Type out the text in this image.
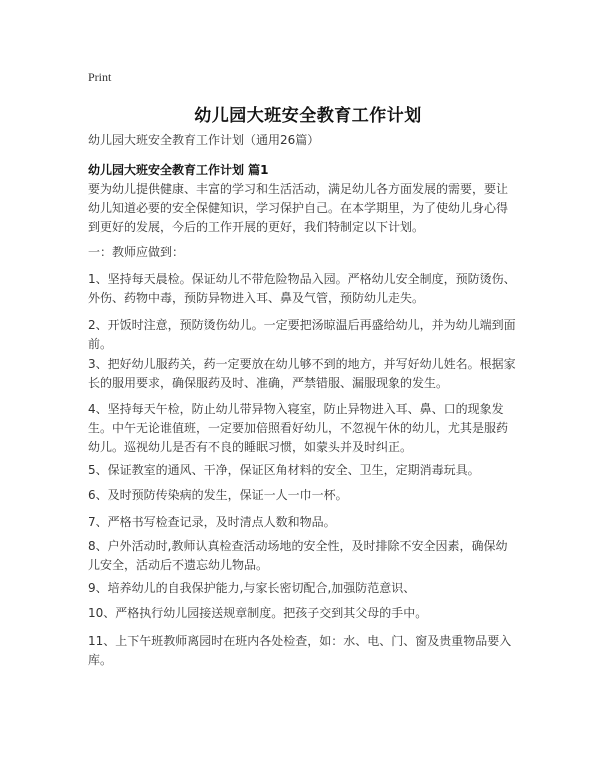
Print
幼儿园大班安全教育工作计划
幼儿园大班安全教育工作计划（通用26篇）
幼儿园大班安全教育工作计划 篇1

要为幼儿提供健康、丰富的学习和生活活动，满足幼儿各方面发展的需要，要让幼儿知道必要的安全保健知识，学习保护自己。在本学期里，为了使幼儿身心得到更好的发展，今后的工作开展的更好，我们特制定以下计划。

一：教师应做到：

1、坚持每天晨检。保证幼儿不带危险物品入园。严格幼儿安全制度，预防烫伤、外伤、药物中毒，预防异物进入耳、鼻及气管，预防幼儿走失。

2、开饭时注意，预防烫伤幼儿。一定要把汤晾温后再盛给幼儿，并为幼儿端到面前。

3、把好幼儿服药关，药一定要放在幼儿够不到的地方，并写好幼儿姓名。根据家长的服用要求，确保服药及时、准确，严禁错服、漏服现象的发生。

4、坚持每天午检，防止幼儿带异物入寝室，防止异物进入耳、鼻、口的现象发生。中午无论谁值班，一定要加倍照看好幼儿，不忽视午休的幼儿，尤其是服药幼儿。巡视幼儿是否有不良的睡眠习惯，如蒙头并及时纠正。

5、保证教室的通风、干净，保证区角材料的安全、卫生，定期消毒玩具。

6、及时预防传染病的发生，保证一人一巾一杯。

7、严格书写检查记录，及时清点人数和物品。

8、户外活动时,教师认真检查活动场地的安全性，及时排除不安全因素，确保幼儿安全，活动后不遗忘幼儿物品。

9、培养幼儿的自我保护能力,与家长密切配合,加强防范意识、

10、严格执行幼儿园接送规章制度。把孩子交到其父母的手中。

11、上下午班教师离园时在班内各处检查，如：水、电、门、窗及贵重物品要入库。
